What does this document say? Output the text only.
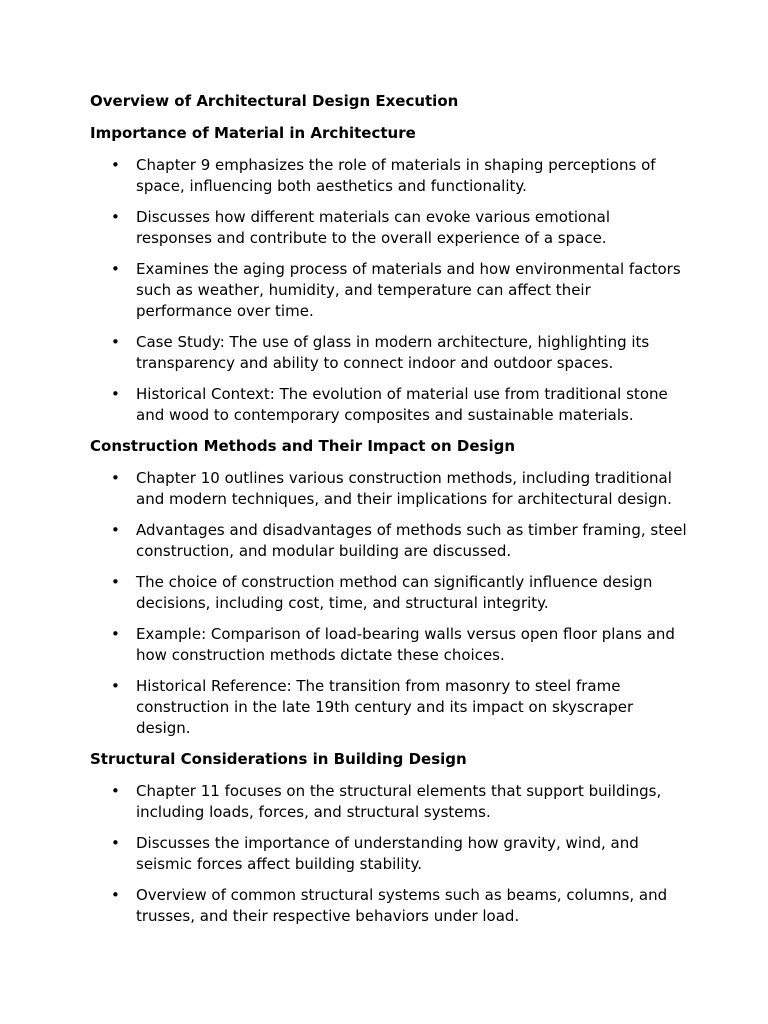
Overview of Architectural Design Execution
Importance of Material in Architecture
• Chapter 9 emphasizes the role of materials in shaping perceptions of space, influencing both aesthetics and functionality.
• Discusses how different materials can evoke various emotional responses and contribute to the overall experience of a space.
• Examines the aging process of materials and how environmental factors such as weather, humidity, and temperature can affect their performance over time.
• Case Study: The use of glass in modern architecture, highlighting its transparency and ability to connect indoor and outdoor spaces.
• Historical Context: The evolution of material use from traditional stone and wood to contemporary composites and sustainable materials.
Construction Methods and Their Impact on Design
• Chapter 10 outlines various construction methods, including traditional and modern techniques, and their implications for architectural design.
• Advantages and disadvantages of methods such as timber framing, steel construction, and modular building are discussed.
• The choice of construction method can significantly influence design decisions, including cost, time, and structural integrity.
• Example: Comparison of load-bearing walls versus open floor plans and how construction methods dictate these choices.
• Historical Reference: The transition from masonry to steel frame construction in the late 19th century and its impact on skyscraper design.
Structural Considerations in Building Design
• Chapter 11 focuses on the structural elements that support buildings, including loads, forces, and structural systems.
• Discusses the importance of understanding how gravity, wind, and seismic forces affect building stability.
• Overview of common structural systems such as beams, columns, and trusses, and their respective behaviors under load.
